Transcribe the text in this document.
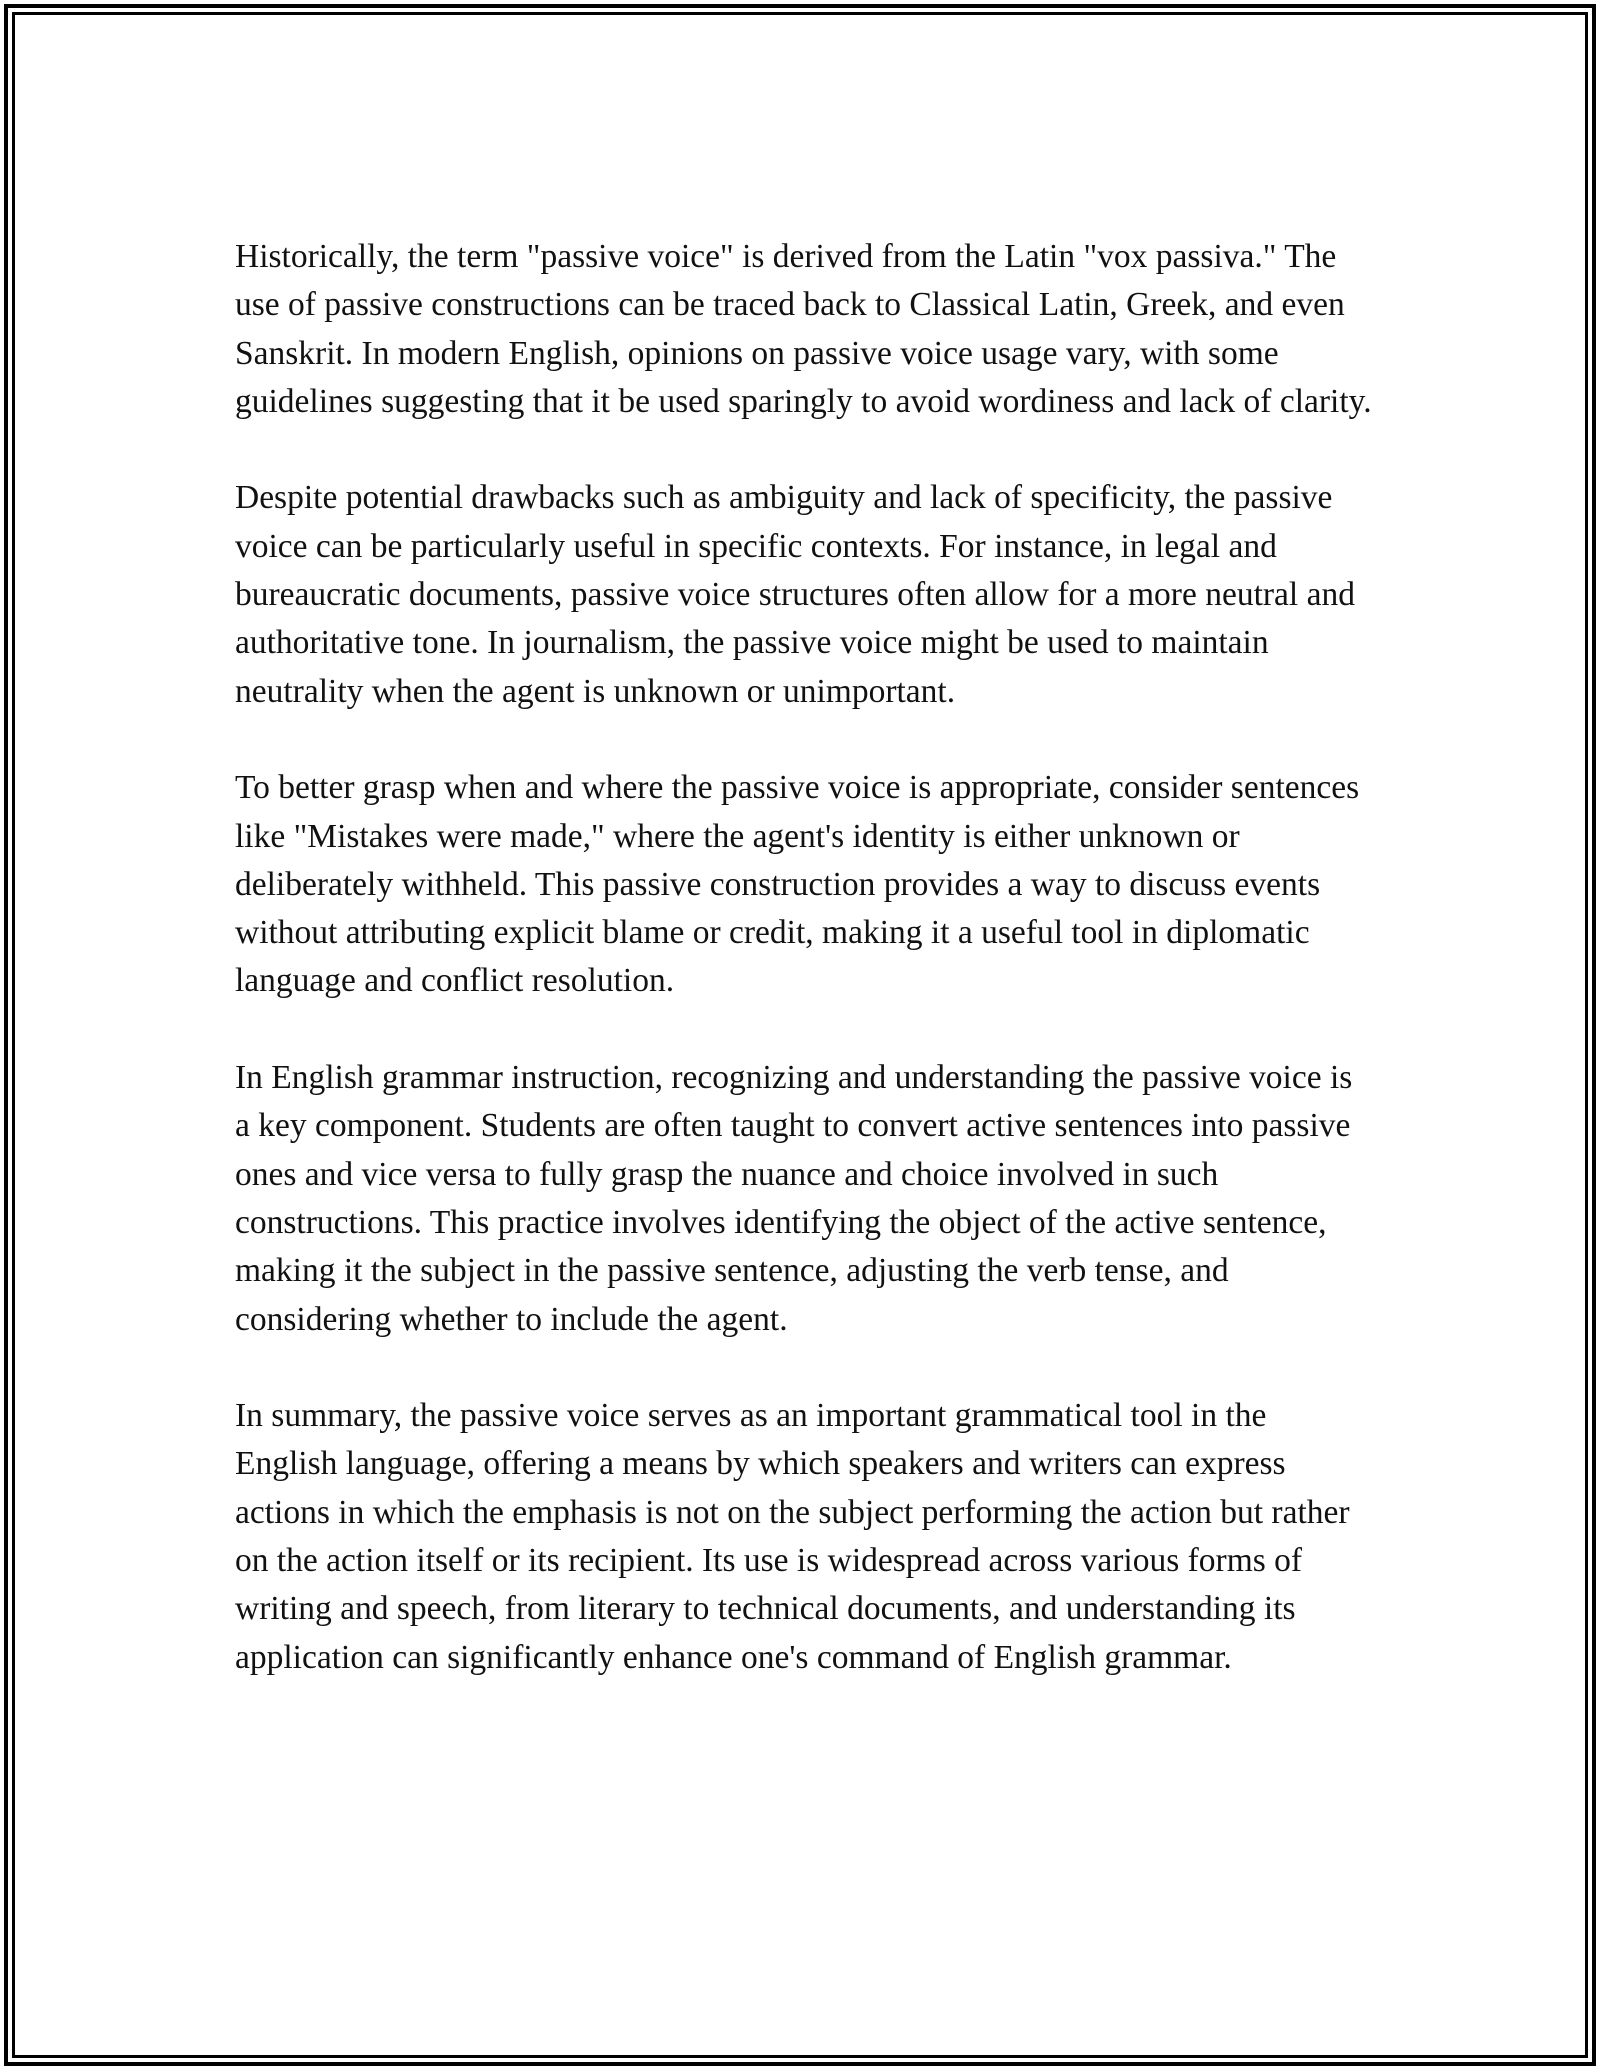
Historically, the term "passive voice" is derived from the Latin "vox passiva." The use of passive constructions can be traced back to Classical Latin, Greek, and even Sanskrit. In modern English, opinions on passive voice usage vary, with some guidelines suggesting that it be used sparingly to avoid wordiness and lack of clarity.

Despite potential drawbacks such as ambiguity and lack of specificity, the passive voice can be particularly useful in specific contexts. For instance, in legal and bureaucratic documents, passive voice structures often allow for a more neutral and authoritative tone. In journalism, the passive voice might be used to maintain neutrality when the agent is unknown or unimportant.

To better grasp when and where the passive voice is appropriate, consider sentences like "Mistakes were made," where the agent's identity is either unknown or deliberately withheld. This passive construction provides a way to discuss events without attributing explicit blame or credit, making it a useful tool in diplomatic language and conflict resolution.

In English grammar instruction, recognizing and understanding the passive voice is a key component. Students are often taught to convert active sentences into passive ones and vice versa to fully grasp the nuance and choice involved in such constructions. This practice involves identifying the object of the active sentence, making it the subject in the passive sentence, adjusting the verb tense, and considering whether to include the agent.

In summary, the passive voice serves as an important grammatical tool in the English language, offering a means by which speakers and writers can express actions in which the emphasis is not on the subject performing the action but rather on the action itself or its recipient. Its use is widespread across various forms of writing and speech, from literary to technical documents, and understanding its application can significantly enhance one's command of English grammar.
